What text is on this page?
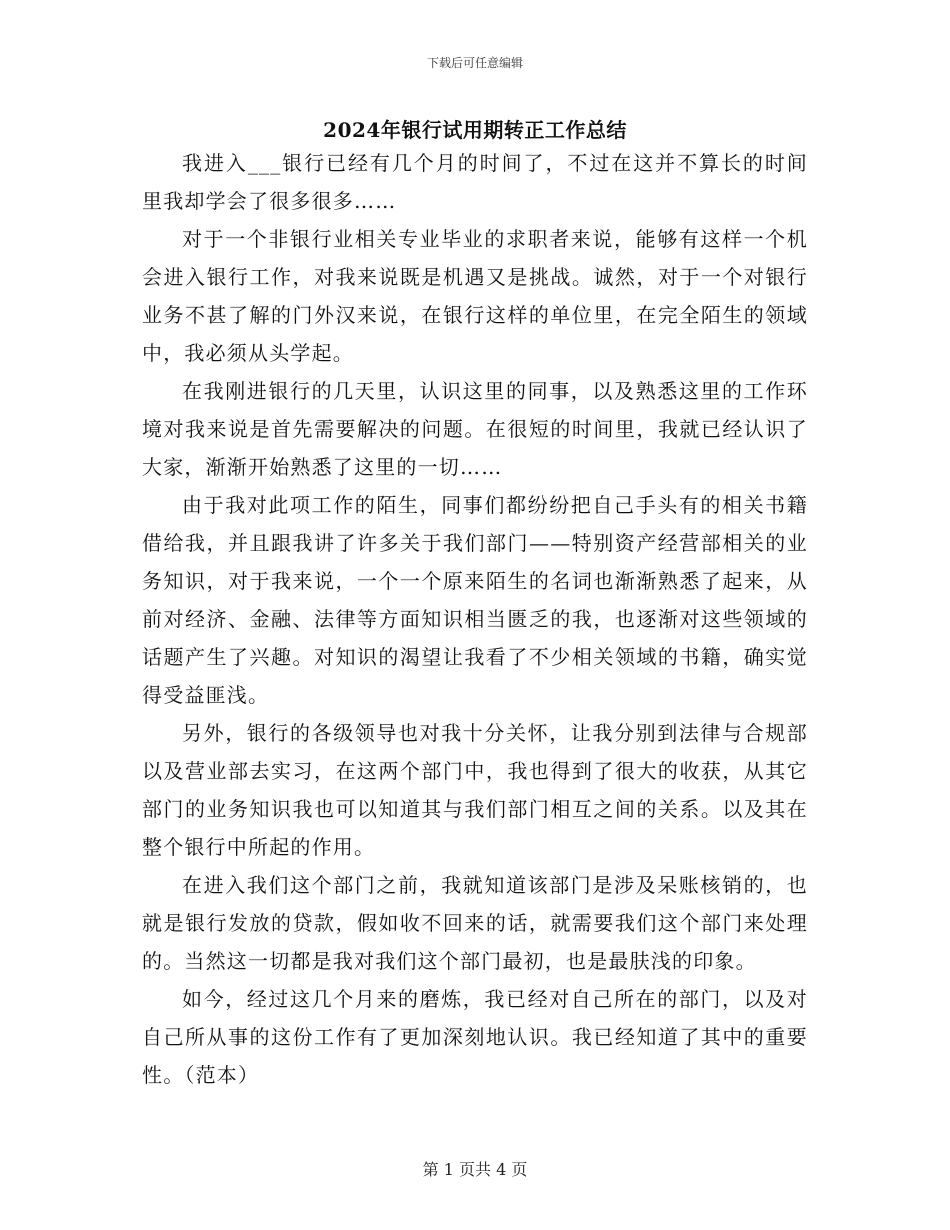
下载后可任意编辑
2024年银行试用期转正工作总结

我进入___银行已经有几个月的时间了，不过在这并不算长的时间里我却学会了很多很多……

对于一个非银行业相关专业毕业的求职者来说，能够有这样一个机会进入银行工作，对我来说既是机遇又是挑战。诚然，对于一个对银行业务不甚了解的门外汉来说，在银行这样的单位里，在完全陌生的领域中，我必须从头学起。

在我刚进银行的几天里，认识这里的同事，以及熟悉这里的工作环境对我来说是首先需要解决的问题。在很短的时间里，我就已经认识了大家，渐渐开始熟悉了这里的一切……

由于我对此项工作的陌生，同事们都纷纷把自己手头有的相关书籍借给我，并且跟我讲了许多关于我们部门——特别资产经营部相关的业务知识，对于我来说，一个一个原来陌生的名词也渐渐熟悉了起来，从前对经济、金融、法律等方面知识相当匮乏的我，也逐渐对这些领域的话题产生了兴趣。对知识的渴望让我看了不少相关领域的书籍，确实觉得受益匪浅。

另外，银行的各级领导也对我十分关怀，让我分别到法律与合规部以及营业部去实习，在这两个部门中，我也得到了很大的收获，从其它部门的业务知识我也可以知道其与我们部门相互之间的关系。以及其在整个银行中所起的作用。

在进入我们这个部门之前，我就知道该部门是涉及呆账核销的，也就是银行发放的贷款，假如收不回来的话，就需要我们这个部门来处理的。当然这一切都是我对我们这个部门最初，也是最肤浅的印象。

如今，经过这几个月来的磨炼，我已经对自己所在的部门，以及对自己所从事的这份工作有了更加深刻地认识。我已经知道了其中的重要性。（范本）

第 1 页共 4 页
